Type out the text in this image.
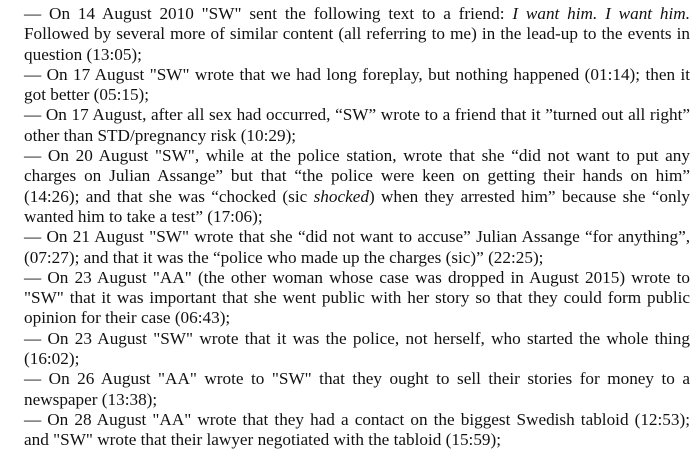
— On 14 August 2010 "SW" sent the following text to a friend: I want him. I want him. Followed by several more of similar content (all referring to me) in the lead-up to the events in question (13:05);

— On 17 August "SW" wrote that we had long foreplay, but nothing happened (01:14); then it got better (05:15);

— On 17 August, after all sex had occurred, “SW” wrote to a friend that it ”turned out all right” other than STD/pregnancy risk (10:29);

— On 20 August "SW", while at the police station, wrote that she “did not want to put any charges on Julian Assange” but that “the police were keen on getting their hands on him” (14:26); and that she was “chocked (sic shocked) when they arrested him” because she “only wanted him to take a test” (17:06);

— On 21 August "SW" wrote that she “did not want to accuse” Julian Assange “for anything”, (07:27); and that it was the “police who made up the charges (sic)” (22:25);

— On 23 August "AA" (the other woman whose case was dropped in August 2015) wrote to "SW" that it was important that she went public with her story so that they could form public opinion for their case (06:43);

— On 23 August "SW" wrote that it was the police, not herself, who started the whole thing (16:02);

— On 26 August "AA" wrote to "SW" that they ought to sell their stories for money to a newspaper (13:38);

— On 28 August "AA" wrote that they had a contact on the biggest Swedish tabloid (12:53); and "SW" wrote that their lawyer negotiated with the tabloid (15:59);
